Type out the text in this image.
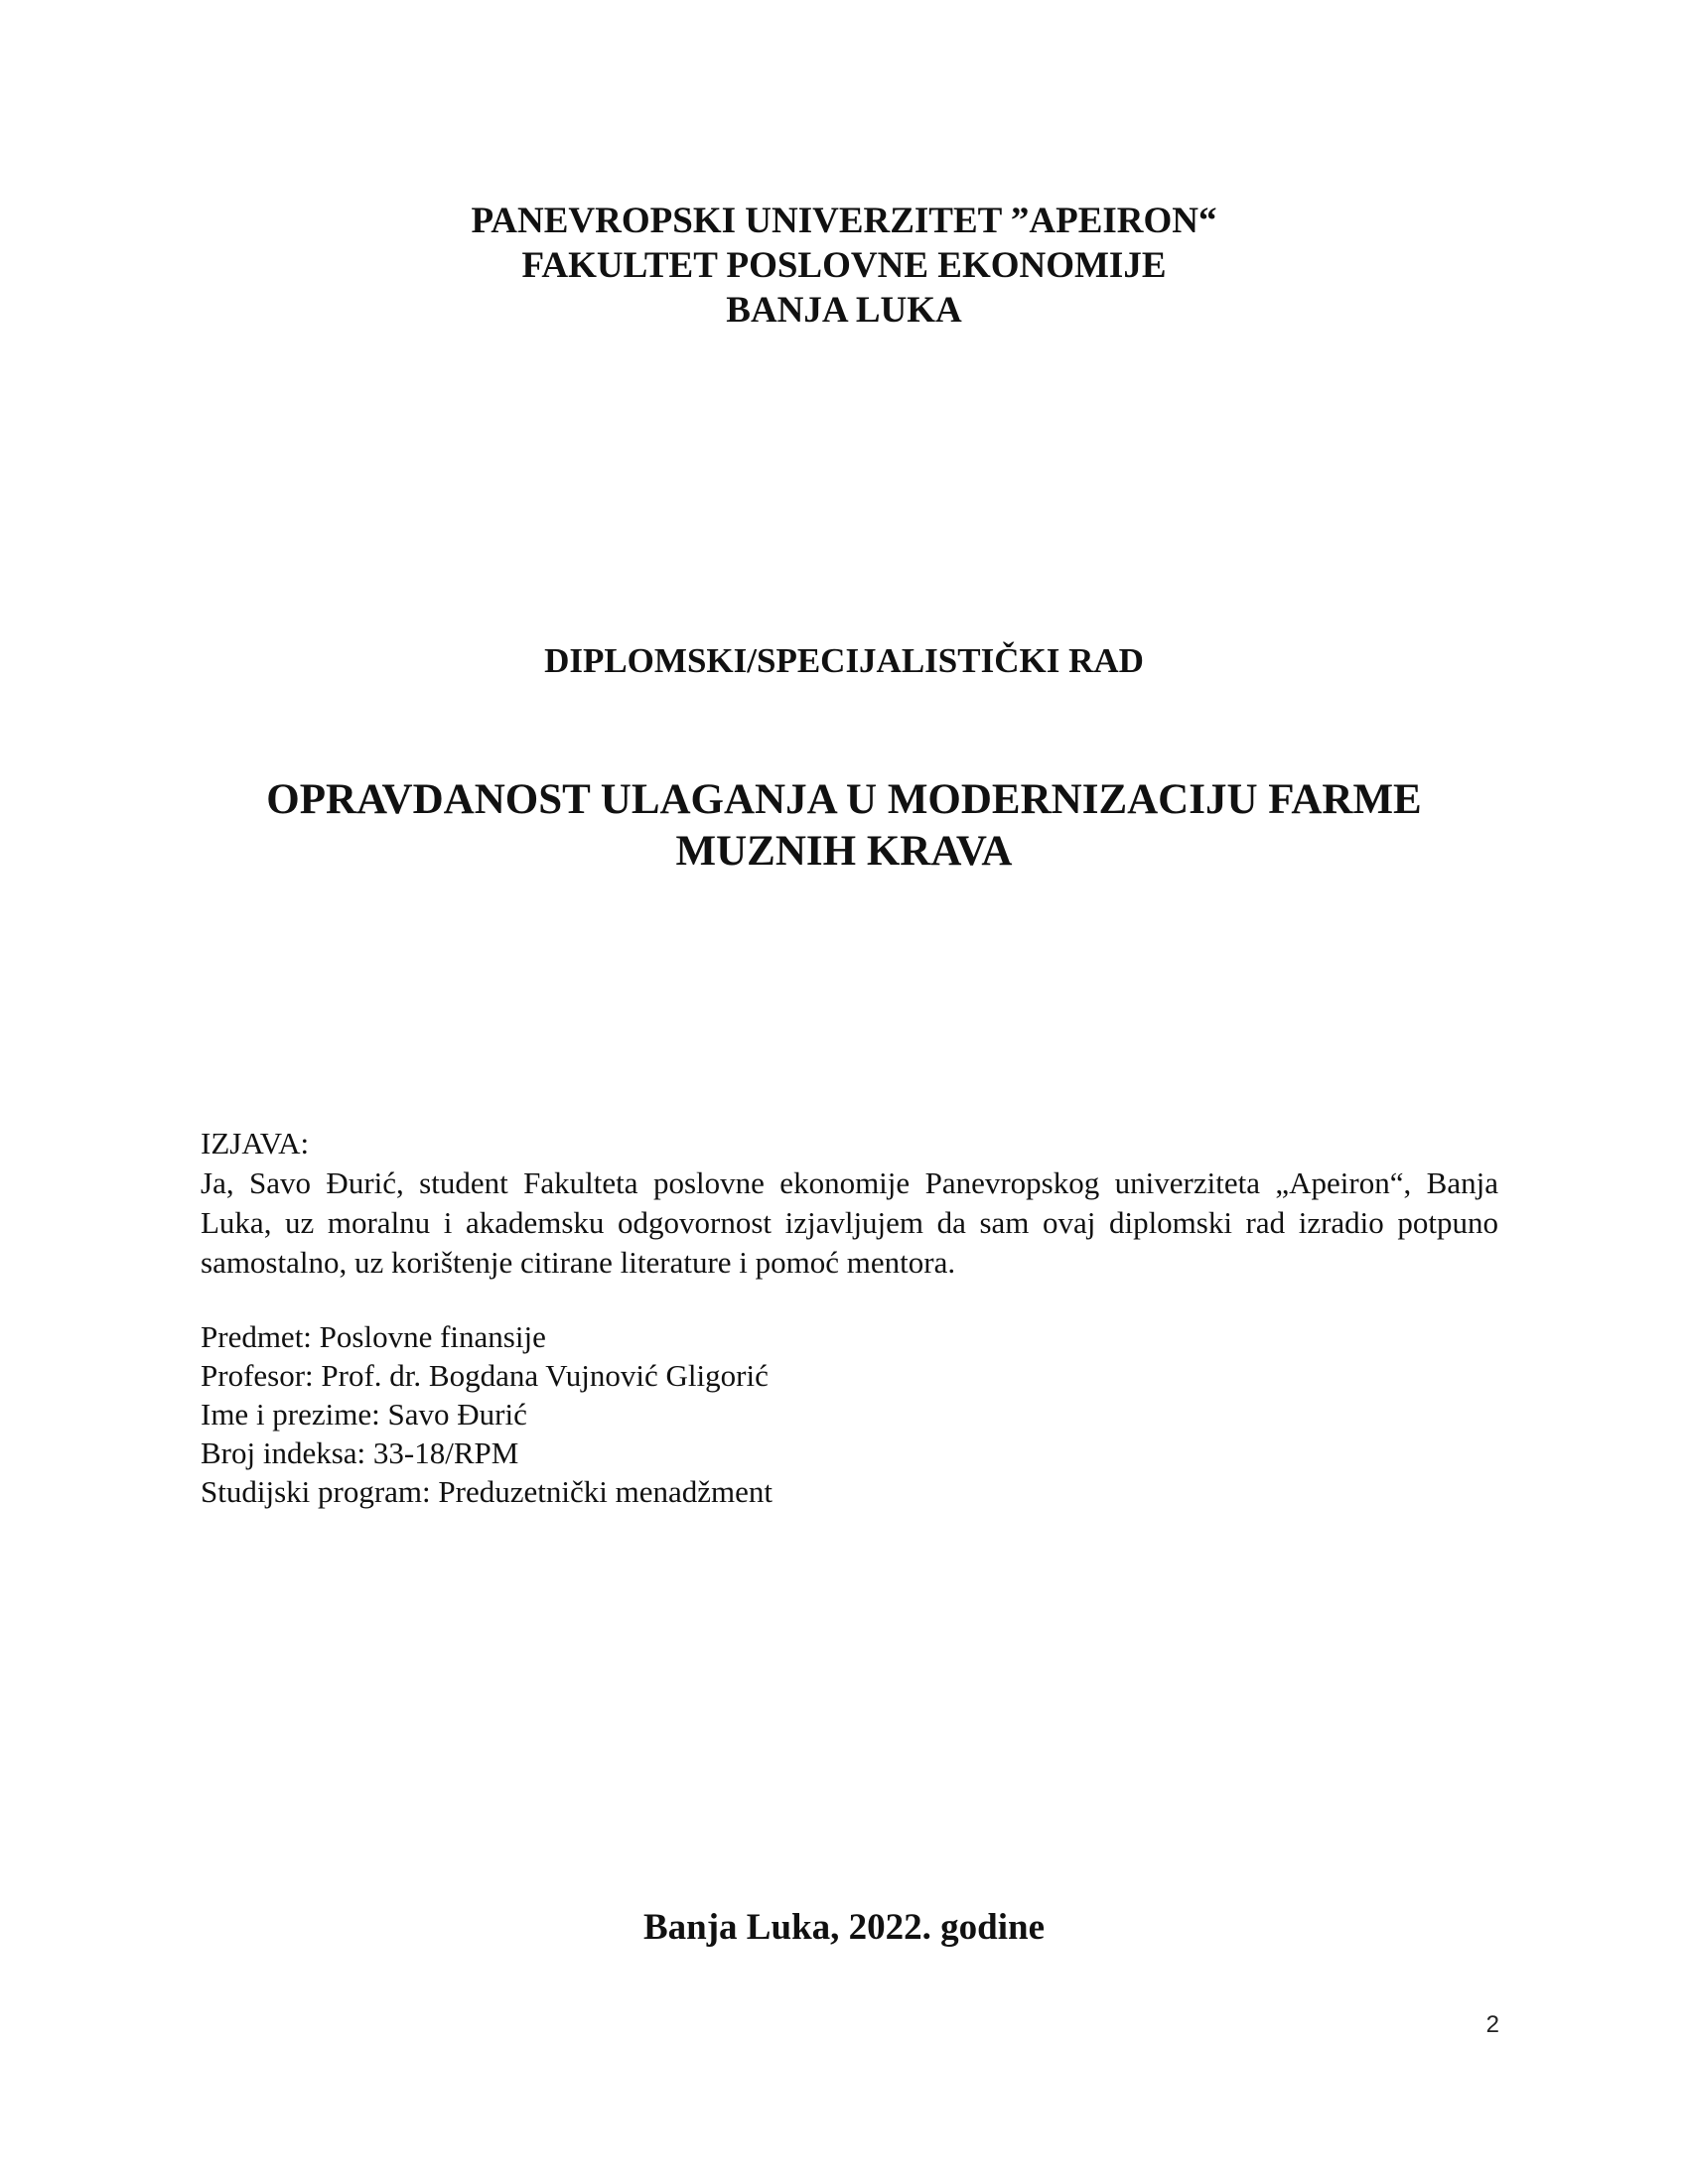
PANEVROPSKI UNIVERZITET ”APEIRON“
FAKULTET POSLOVNE EKONOMIJE
BANJA LUKA
DIPLOMSKI/SPECIJALISTIČKI RAD
OPRAVDANOST ULAGANJA U MODERNIZACIJU FARME
MUZNIH KRAVA
IZJAVA:
Ja, Savo Đurić, student Fakulteta poslovne ekonomije Panevropskog univerziteta „Apeiron“, Banja Luka, uz moralnu i akademsku odgovornost izjavljujem da sam ovaj diplomski rad izradio potpuno samostalno, uz korištenje citirane literature i pomoć mentora.
Predmet: Poslovne finansije
Profesor: Prof. dr. Bogdana Vujnović Gligorić
Ime i prezime: Savo Đurić
Broj indeksa: 33-18/RPM
Studijski program: Preduzetnički menadžment
Banja Luka, 2022. godine
2
